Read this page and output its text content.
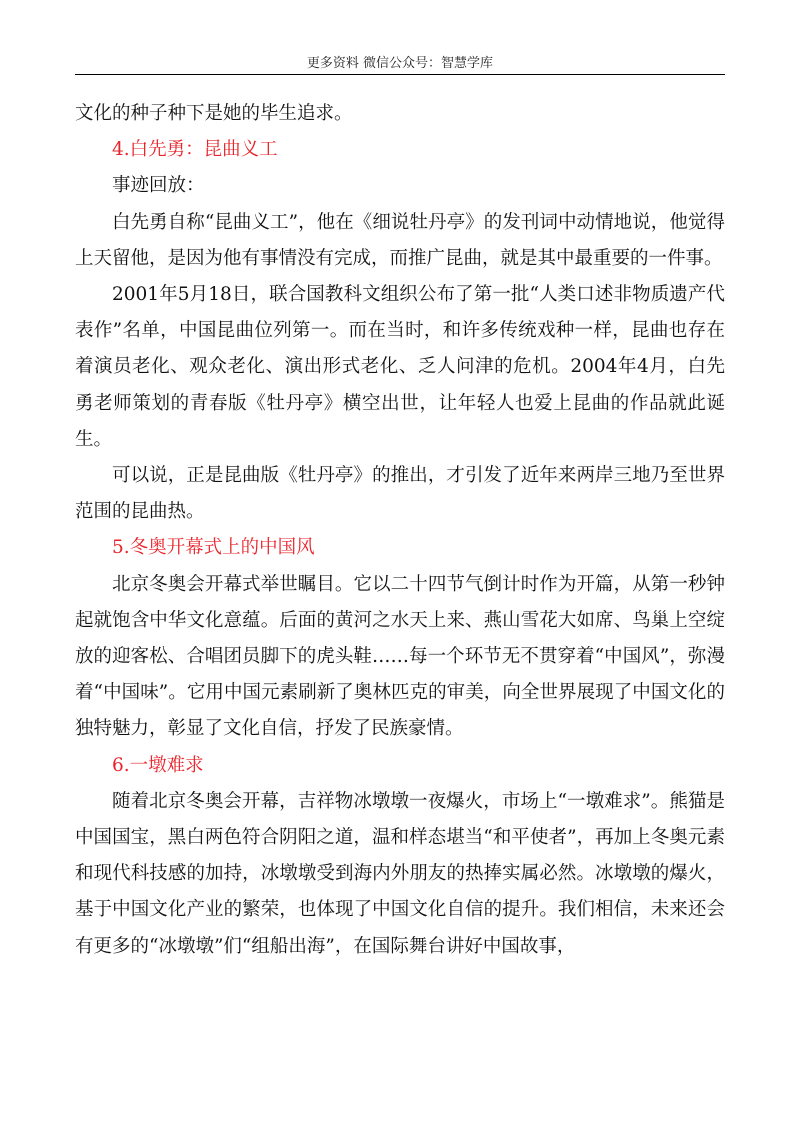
更多资料 微信公众号：智慧学库

文化的种子种下是她的毕生追求。

4.白先勇：昆曲义工

事迹回放：

白先勇自称“昆曲义工”，他在《细说牡丹亭》的发刊词中动情地说，他觉得上天留他，是因为他有事情没有完成，而推广昆曲，就是其中最重要的一件事。

2001年5月18日，联合国教科文组织公布了第一批“人类口述非物质遗产代表作”名单，中国昆曲位列第一。而在当时，和许多传统戏种一样，昆曲也存在着演员老化、观众老化、演出形式老化、乏人问津的危机。2004年4月，白先勇老师策划的青春版《牡丹亭》横空出世，让年轻人也爱上昆曲的作品就此诞生。

可以说，正是昆曲版《牡丹亭》的推出，才引发了近年来两岸三地乃至世界范围的昆曲热。

5.冬奥开幕式上的中国风

北京冬奥会开幕式举世瞩目。它以二十四节气倒计时作为开篇，从第一秒钟起就饱含中华文化意蕴。后面的黄河之水天上来、燕山雪花大如席、鸟巢上空绽放的迎客松、合唱团员脚下的虎头鞋……每一个环节无不贯穿着“中国风”，弥漫着“中国味”。它用中国元素刷新了奥林匹克的审美，向全世界展现了中国文化的独特魅力，彰显了文化自信，抒发了民族豪情。

6.一墩难求

随着北京冬奥会开幕，吉祥物冰墩墩一夜爆火，市场上“一墩难求”。熊猫是中国国宝，黑白两色符合阴阳之道，温和样态堪当“和平使者”，再加上冬奥元素和现代科技感的加持，冰墩墩受到海内外朋友的热捧实属必然。冰墩墩的爆火，基于中国文化产业的繁荣，也体现了中国文化自信的提升。我们相信，未来还会有更多的“冰墩墩”们“组船出海”，在国际舞台讲好中国故事，
